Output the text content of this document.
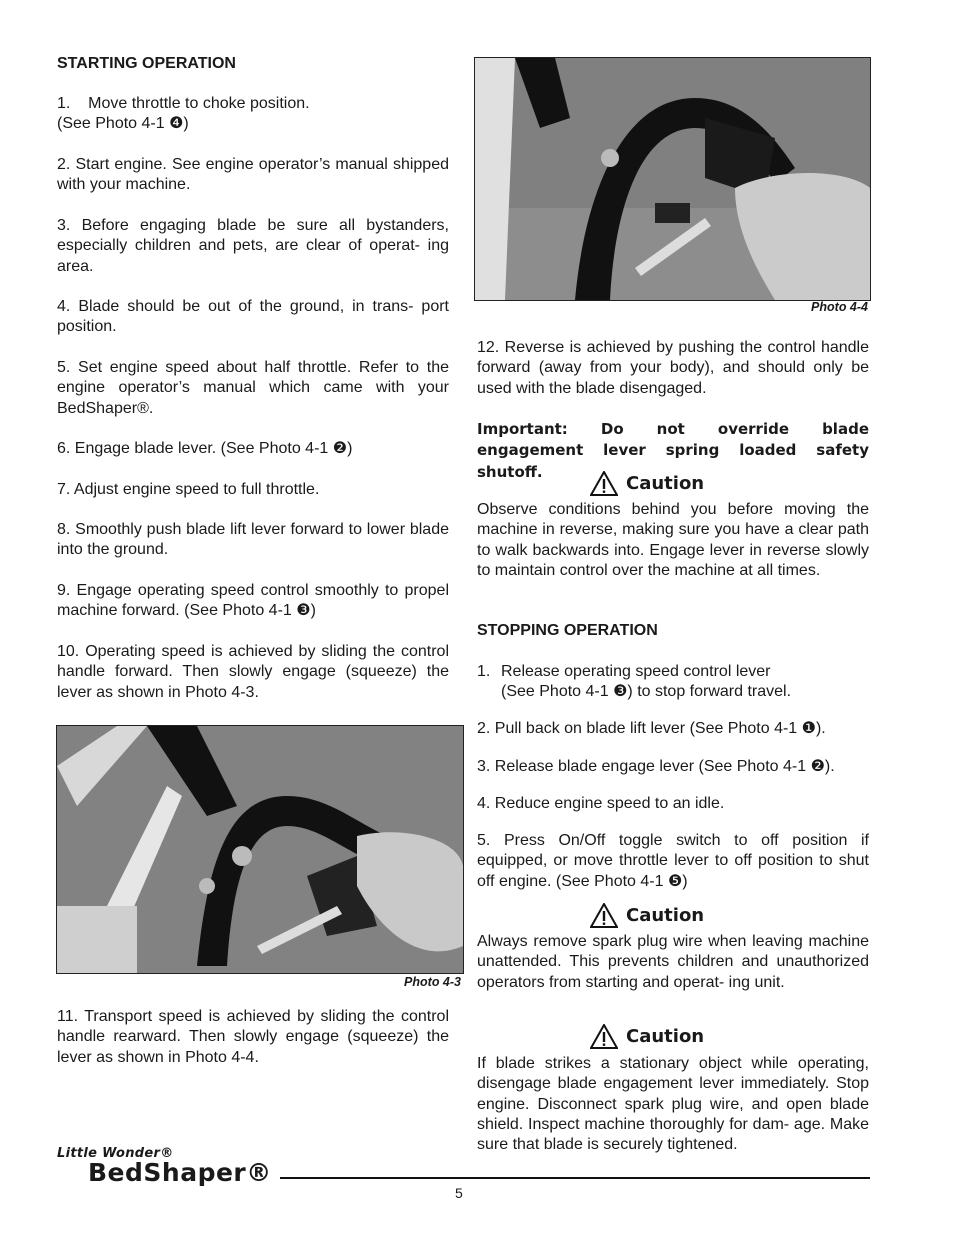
STARTING OPERATION
1.    Move throttle to choke position.
(See Photo 4-1 ❹)
2. Start engine. See engine operator’s manual shipped with your machine.
3. Before engaging blade be sure all bystanders, especially children and pets, are clear of operat- ing area.
4. Blade should be out of the ground, in trans- port position.
5. Set engine speed about half throttle. Refer to the engine operator’s manual which came with your BedShaper®.
6. Engage blade lever. (See Photo 4-1 ❷)
7. Adjust engine speed to full throttle.
8. Smoothly push blade lift lever forward to lower blade into the ground.
9. Engage operating speed control smoothly to propel machine forward. (See Photo 4-1 ❸)
10. Operating speed is achieved by sliding the control handle forward. Then slowly engage (squeeze) the lever as shown in Photo 4-3.
Photo 4-3
11. Transport speed is achieved by sliding the control handle rearward. Then slowly engage (squeeze) the lever as shown in Photo 4-4.
Photo 4-4
12. Reverse is achieved by pushing the control handle forward (away from your body), and should only be used with the blade disengaged.
Important: Do not override blade engagement lever spring loaded safety shutoff.
Caution
Observe conditions behind you before moving the machine in reverse, making sure you have a clear path to walk backwards into. Engage lever in reverse slowly to maintain control over the machine at all times.
STOPPING OPERATION
1. Release operating speed control lever
(See Photo 4-1 ❸) to stop forward travel.
2. Pull back on blade lift lever (See Photo 4-1 ❶).
3. Release blade engage lever (See Photo 4-1 ❷).
4. Reduce engine speed to an idle.
5. Press On/Off toggle switch to off position if equipped, or move throttle lever to off position to shut off engine. (See Photo 4-1 ❺)
Caution
Always remove spark plug wire when leaving machine unattended. This prevents children and unauthorized operators from starting and operat- ing unit.
Caution
If blade strikes a stationary object while operating, disengage blade engagement lever immediately. Stop engine. Disconnect spark plug wire, and open blade shield. Inspect machine thoroughly for dam- age. Make sure that blade is securely tightened.
Little Wonder®
BedShaper®
5
